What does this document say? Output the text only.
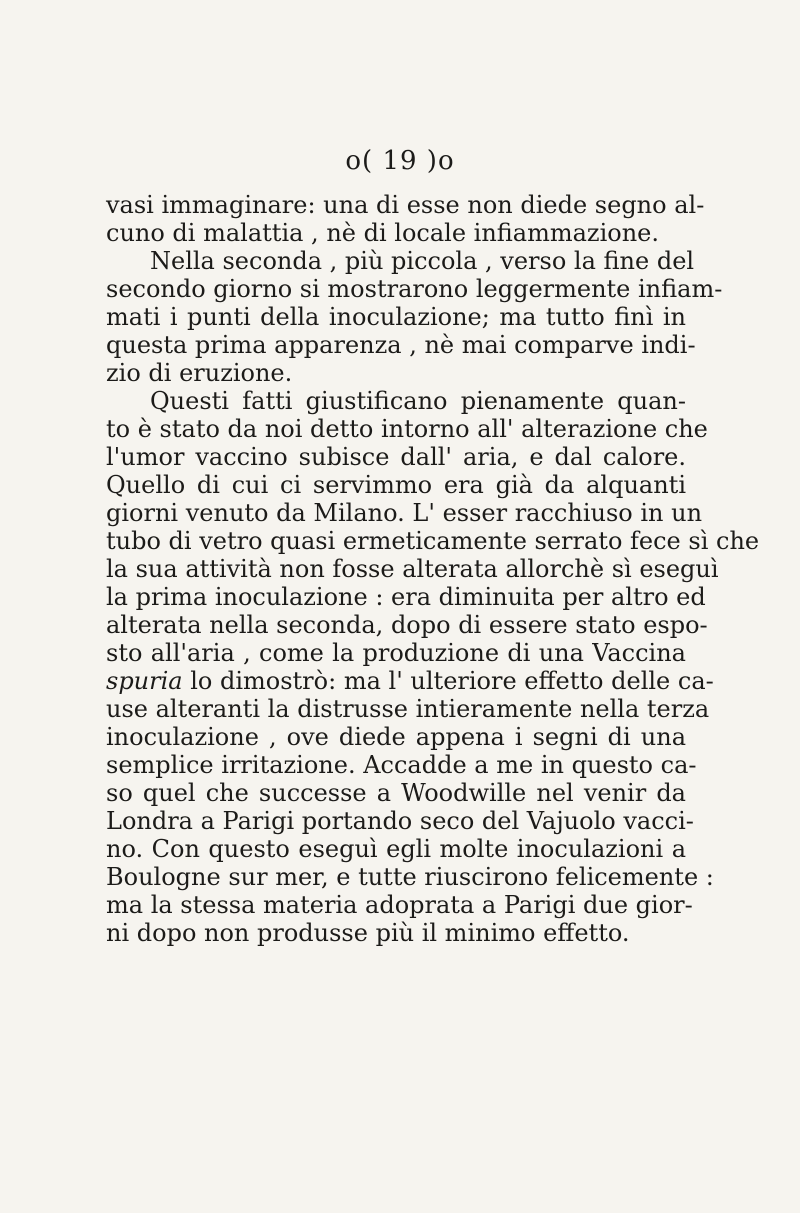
o( 19 )o
vasi immaginare: una di esse non diede segno al-
cuno di malattia , nè di locale infiammazione.
Nella seconda , più piccola , verso la fine del
secondo giorno si mostrarono leggermente infiam-
mati i punti della inoculazione; ma tutto finì in
questa prima apparenza , nè mai comparve indi-
zio di eruzione.
Questi fatti giustificano pienamente quan-
to è stato da noi detto intorno all' alterazione che
l'umor vaccino subisce dall' aria, e dal calore.
Quello di cui ci servimmo era già da alquanti
giorni venuto da Milano. L' esser racchiuso in un
tubo di vetro quasi ermeticamente serrato fece sì che
la sua attività non fosse alterata allorchè sì eseguì
la prima inoculazione : era diminuita per altro ed
alterata nella seconda, dopo di essere stato espo-
sto all'aria , come la produzione di una Vaccina
spuria lo dimostrò: ma l' ulteriore effetto delle ca-
use alteranti la distrusse intieramente nella terza
inoculazione , ove diede appena i segni di una
semplice irritazione. Accadde a me in questo ca-
so quel che successe a Woodwille nel venir da
Londra a Parigi portando seco del Vajuolo vacci-
no. Con questo eseguì egli molte inoculazioni a
Boulogne sur mer, e tutte riuscirono felicemente :
ma la stessa materia adoprata a Parigi due gior-
ni dopo non produsse più il minimo effetto.
